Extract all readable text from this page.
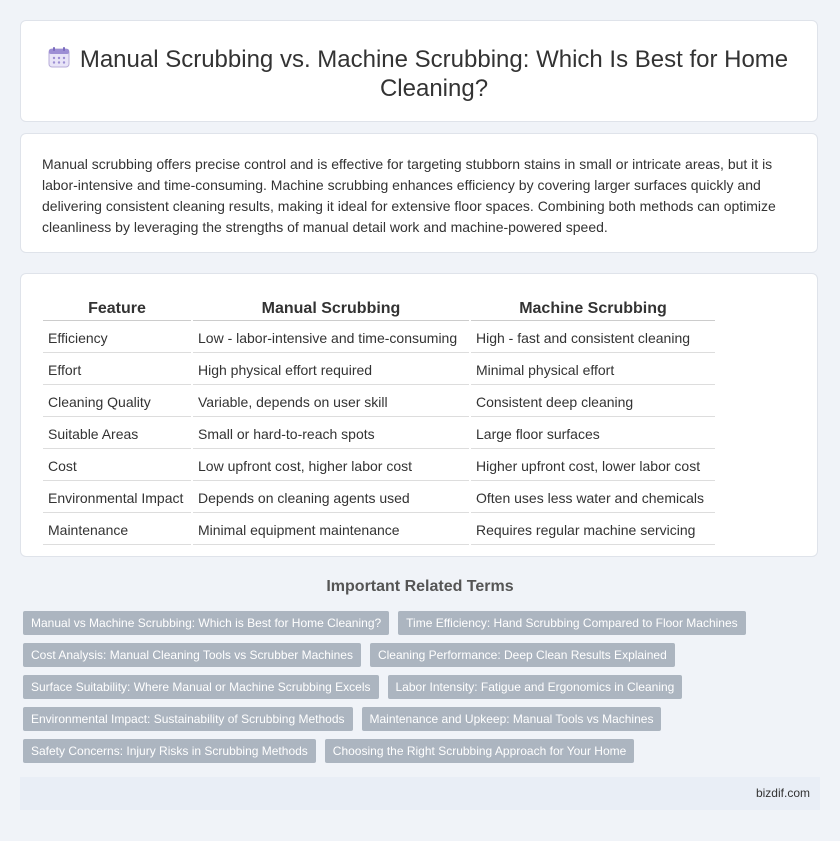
Manual Scrubbing vs. Machine Scrubbing: Which Is Best for Home Cleaning?

Manual scrubbing offers precise control and is effective for targeting stubborn stains in small or intricate areas, but it is labor-intensive and time-consuming. Machine scrubbing enhances efficiency by covering larger surfaces quickly and delivering consistent cleaning results, making it ideal for extensive floor spaces. Combining both methods can optimize cleanliness by leveraging the strengths of manual detail work and machine-powered speed.

Feature	Manual Scrubbing	Machine Scrubbing
Efficiency	Low - labor-intensive and time-consuming	High - fast and consistent cleaning
Effort	High physical effort required	Minimal physical effort
Cleaning Quality	Variable, depends on user skill	Consistent deep cleaning
Suitable Areas	Small or hard-to-reach spots	Large floor surfaces
Cost	Low upfront cost, higher labor cost	Higher upfront cost, lower labor cost
Environmental Impact	Depends on cleaning agents used	Often uses less water and chemicals
Maintenance	Minimal equipment maintenance	Requires regular machine servicing
Important Related Terms
Manual vs Machine Scrubbing: Which is Best for Home Cleaning?	Time Efficiency: Hand Scrubbing Compared to Floor Machines
Cost Analysis: Manual Cleaning Tools vs Scrubber Machines	Cleaning Performance: Deep Clean Results Explained
Surface Suitability: Where Manual or Machine Scrubbing Excels	Labor Intensity: Fatigue and Ergonomics in Cleaning
Environmental Impact: Sustainability of Scrubbing Methods	Maintenance and Upkeep: Manual Tools vs Machines
Safety Concerns: Injury Risks in Scrubbing Methods	Choosing the Right Scrubbing Approach for Your Home
bizdif.com
